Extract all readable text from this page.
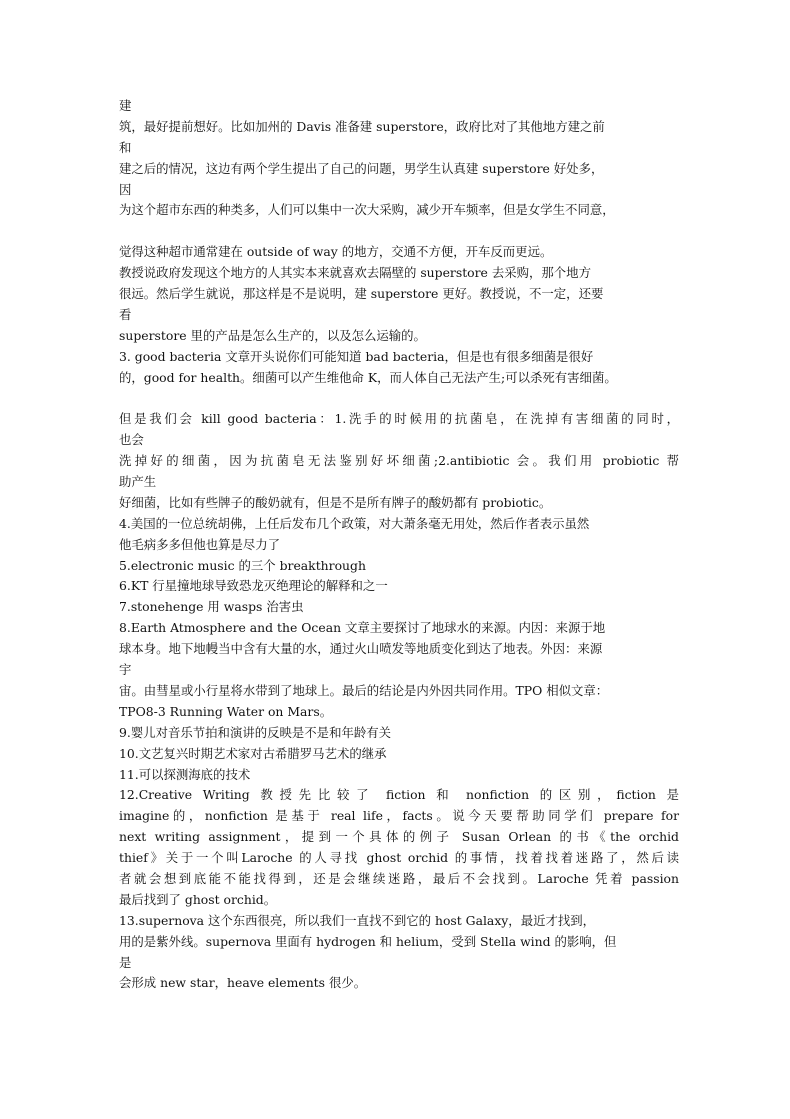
建
筑，最好提前想好。比如加州的 Davis 准备建 superstore，政府比对了其他地方建之前
和
建之后的情况，这边有两个学生提出了自己的问题，男学生认真建 superstore 好处多，
因
为这个超市东西的种类多，人们可以集中一次大采购，减少开车频率，但是女学生不同意，
觉得这种超市通常建在 outside of way 的地方，交通不方便，开车反而更远。
教授说政府发现这个地方的人其实本来就喜欢去隔壁的 superstore 去采购，那个地方
很远。然后学生就说，那这样是不是说明，建 superstore 更好。教授说，不一定，还要
看
superstore 里的产品是怎么生产的，以及怎么运输的。
3. good bacteria 文章开头说你们可能知道 bad bacteria，但是也有很多细菌是很好
的，good for health。细菌可以产生维他命 K，而人体自己无法产生;可以杀死有害细菌。
但是我们会 kill good bacteria：1.洗手的时候用的抗菌皂，在洗掉有害细菌的同时，
也会
洗掉好的细菌，因为抗菌皂无法鉴别好坏细菌;2.antibiotic 会。我们用 probiotic 帮
助产生
好细菌，比如有些牌子的酸奶就有，但是不是所有牌子的酸奶都有 probiotic。
4.美国的一位总统胡佛，上任后发布几个政策，对大萧条毫无用处，然后作者表示虽然
他毛病多多但他也算是尽力了
5.electronic music 的三个 breakthrough
6.KT 行星撞地球导致恐龙灭绝理论的解释和之一
7.stonehenge 用 wasps 治害虫
8.Earth Atmosphere and the Ocean 文章主要探讨了地球水的来源。内因：来源于地
球本身。地下地幔当中含有大量的水，通过火山喷发等地质变化到达了地表。外因：来源
宇
宙。由彗星或小行星将水带到了地球上。最后的结论是内外因共同作用。TPO 相似文章：
TPO8-3 Running Water on Mars。
9.婴儿对音乐节拍和演讲的反映是不是和年龄有关
10.文艺复兴时期艺术家对古希腊罗马艺术的继承
11.可以探测海底的技术
12.Creative Writing 教授先比较了 fiction 和 nonfiction 的区别，fiction 是
imagine的，nonfiction 是基于 real life，facts。说今天要帮助同学们 prepare for
next writing assignment，提到一个具体的例子 Susan Orlean 的书《the orchid
thief》关于一个叫Laroche 的人寻找 ghost orchid 的事情，找着找着迷路了，然后读
者就会想到底能不能找得到，还是会继续迷路，最后不会找到。Laroche 凭着 passion
最后找到了 ghost orchid。
13.supernova 这个东西很亮，所以我们一直找不到它的 host Galaxy，最近才找到，
用的是紫外线。supernova 里面有 hydrogen 和 helium，受到 Stella wind 的影响，但
是
会形成 new star，heave elements 很少。
